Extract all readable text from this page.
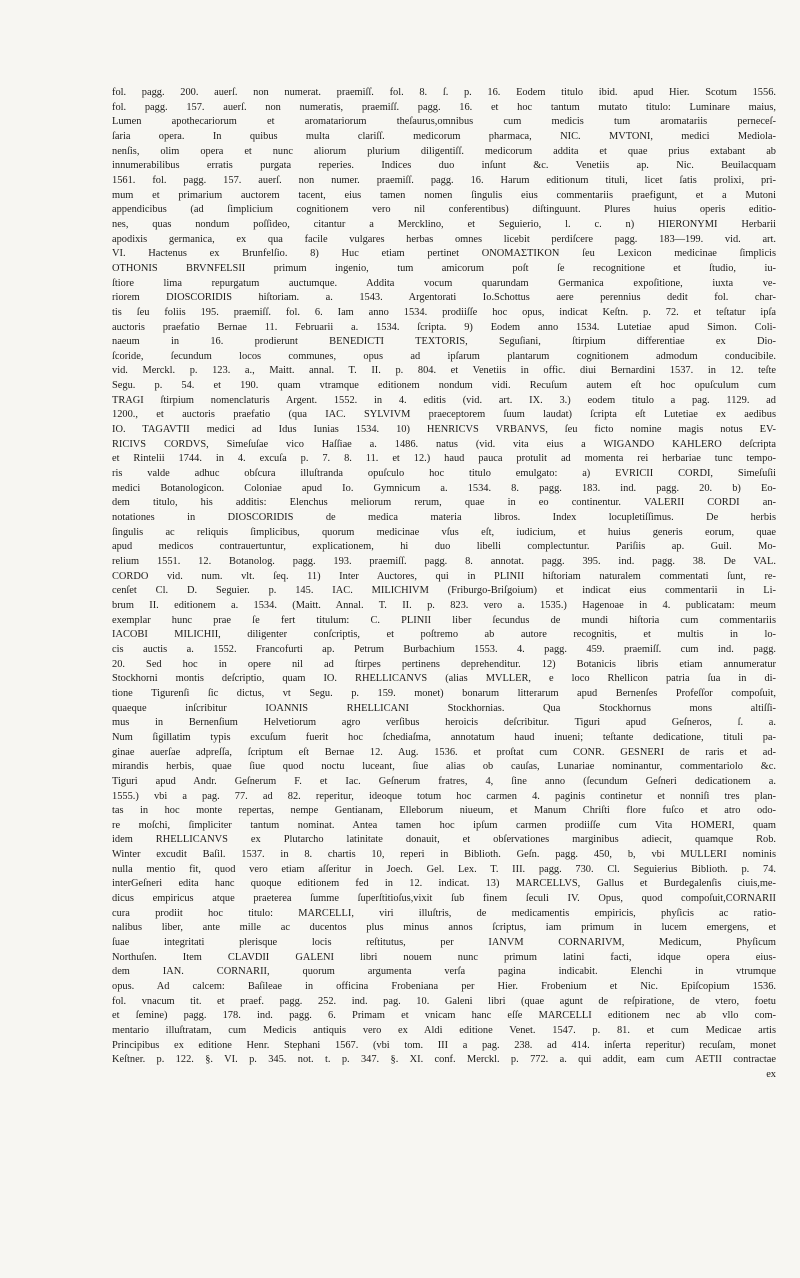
fol. pagg. 200. auerſ. non numerat. praemiſſ. fol. 8. ſ. p. 16. Eodem titulo ibid. apud Hier. Scotum 1556.
fol. pagg. 157. auerſ. non numeratis, praemiſſ. pagg. 16. et hoc tantum mutato titulo: Luminare maius,
Lumen apothecariorum et aromatariorum theſaurus,omnibus cum medicis tum aromatariis perneceſ-
ſaria opera. In quibus multa clariſſ. medicorum pharmaca, NIC. MVTONI, medici Mediola-
nenſis, olim opera et nunc aliorum plurium diligentiſſ. medicorum addita et quae prius extabant ab
innumerabilibus erratis purgata reperies. Indices duo inſunt &c. Venetiis ap. Nic. Beuilacquam
1561. fol. pagg. 157. auerſ. non numer. praemiſſ. pagg. 16. Harum editionum tituli, licet ſatis prolixi, pri-
mum et primarium auctorem tacent, eius tamen nomen ſingulis eius commentariis praefigunt, et a Mutoni
appendicibus (ad ſimplicium cognitionem vero nil conferentibus) diſtinguunt. Plures huius operis editio-
nes, quas nondum poſſideo, citantur a Mercklino, et Seguierio, l. c. n) HIERONYMI Herbarii
apodixis germanica, ex qua facile vulgares herbas omnes licebit perdiſcere pagg. 183—199. vid. art.
VI. Hactenus ex Brunfelſio. 8) Huc etiam pertinet ONOMAΣTIKON ſeu Lexicon medicinae ſimplicis
OTHONIS BRVNFELSII primum ingenio, tum amicorum poſt ſe recognitione et ſtudio, iu-
ſtiore lima repurgatum auctumque. Addita vocum quarundam Germanica expoſitione, iuxta ve-
riorem DIOSCORIDIS hiſtoriam. a. 1543. Argentorati Io.Schottus aere perennius dedit fol. char-
tis ſeu foliis 195. praemiſſ. fol. 6. Iam anno 1534. prodiiſſe hoc opus, indicat Keſtn. p. 72. et teſtatur ipſa
auctoris praefatio Bernae 11. Februarii a. 1534. ſcripta. 9) Eodem anno 1534. Lutetiae apud Simon. Coli-
naeum in 16. prodierunt BENEDICTI TEXTORIS, Seguſiani, ſtirpium differentiae ex Dio-
ſcoride, ſecundum locos communes, opus ad ipſarum plantarum cognitionem admodum conducibile.
vid. Merckl. p. 123. a., Maitt. annal. T. II. p. 804. et Venetiis in offic. diui Bernardini 1537. in 12. teſte
Segu. p. 54. et 190. quam vtramque editionem nondum vidi. Recuſum autem eſt hoc opuſculum cum
TRAGI ſtirpium nomenclaturis Argent. 1552. in 4. editis (vid. art. IX. 3.) eodem titulo a pag. 1129. ad
1200., et auctoris praefatio (qua IAC. SYLVIVM praeceptorem ſuum laudat) ſcripta eſt Lutetiae ex aedibus
IO. TAGAVTII medici ad Idus Iunias 1534. 10) HENRICVS VRBANVS, ſeu ficto nomine magis notus EV-
RICIVS CORDVS, Simeſuſae vico Haſſiae a. 1486. natus (vid. vita eius a WIGANDO KAHLERO deſcripta
et Rintelii 1744. in 4. excuſa p. 7. 8. 11. et 12.) haud pauca protulit ad momenta rei herbariae tunc tempo-
ris valde adhuc obſcura illuſtranda opuſculo hoc titulo emulgato: a) EVRICII CORDI, Simeſuſii
medici Botanologicon. Coloniae apud Io. Gymnicum a. 1534. 8. pagg. 183. ind. pagg. 20. b) Eo-
dem titulo, his additis: Elenchus meliorum rerum, quae in eo continentur. VALERII CORDI an-
notationes in DIOSCORIDIS de medica materia libros. Index locupletiſſimus. De herbis
ſingulis ac reliquis ſimplicibus, quorum medicinae vſus eſt, iudicium, et huius generis eorum, quae
apud medicos contrauertuntur, explicationem, hi duo libelli complectuntur. Pariſiis ap. Guil. Mo-
relium 1551. 12. Botanolog. pagg. 193. praemiſſ. pagg. 8. annotat. pagg. 395. ind. pagg. 38. De VAL.
CORDO vid. num. vlt. ſeq. 11) Inter Auctores, qui in PLINII hiſtoriam naturalem commentati ſunt, re-
cenſet Cl. D. Seguier. p. 145. IAC. MILICHIVM (Friburgo-Briſgoium) et indicat eius commentarii in Li-
brum II. editionem a. 1534. (Maitt. Annal. T. II. p. 823. vero a. 1535.) Hagenoae in 4. publicatam: meum
exemplar hunc prae ſe fert titulum: C. PLINII liber ſecundus de mundi hiſtoria cum commentariis
IACOBI MILICHII, diligenter conſcriptis, et poſtremo ab autore recognitis, et multis in lo-
cis auctis a. 1552. Francofurti ap. Petrum Burbachium 1553. 4. pagg. 459. praemiſſ. cum ind. pagg.
20. Sed hoc in opere nil ad ſtirpes pertinens deprehenditur. 12) Botanicis libris etiam annumeratur
Stockhorni montis deſcriptio, quam IO. RHELLICANVS (alias MVLLER, e loco Rhellicon patria ſua in di-
tione Tigurenſi ſic dictus, vt Segu. p. 159. monet) bonarum litterarum apud Bernenſes Profeſſor compoſuit,
quaeque inſcribitur IOANNIS RHELLICANI Stockhornias. Qua Stockhornus mons altiſſi-
mus in Bernenſium Helvetiorum agro verſibus heroicis deſcribitur. Tiguri apud Geſneros, ſ. a.
Num ſigillatim typis excuſum fuerit hoc ſchediaſma, annotatum haud inueni; teſtante dedicatione, tituli pa-
ginae auerſae adpreſſa, ſcriptum eſt Bernae 12. Aug. 1536. et proſtat cum CONR. GESNERI de raris et ad-
mirandis herbis, quae ſiue quod noctu luceant, ſiue alias ob cauſas, Lunariae nominantur, commentariolo &c.
Tiguri apud Andr. Geſnerum F. et Iac. Geſnerum fratres, 4, ſine anno (ſecundum Geſneri dedicationem a.
1555.) vbi a pag. 77. ad 82. reperitur, ideoque totum hoc carmen 4. paginis continetur et nonniſi tres plan-
tas in hoc monte repertas, nempe Gentianam, Elleborum niueum, et Manum Chriſti flore fuſco et atro odo-
re moſchi, ſimpliciter tantum nominat. Antea tamen hoc ipſum carmen prodiiſſe cum Vita HOMERI, quam
idem RHELLICANVS ex Plutarcho latinitate donauit, et obſervationes marginibus adiecit, quamque Rob.
Winter excudit Baſil. 1537. in 8. chartis 10, reperi in Biblioth. Geſn. pagg. 450, b, vbi MULLERI nominis
nulla mentio fit, quod vero etiam aſſeritur in Joech. Gel. Lex. T. III. pagg. 730. Cl. Seguierius Biblioth. p. 74.
interGeſneri edita hanc quoque editionem fed in 12. indicat. 13) MARCELLVS, Gallus et Burdegalenſis ciuis,me-
dicus empiricus atque praeterea ſumme ſuperſtitioſus,vixit ſub finem ſeculi IV. Opus, quod compoſuit,CORNARII
cura prodiit hoc titulo: MARCELLI, viri illuſtris, de medicamentis empiricis, phyſicis ac ratio-
nalibus liber, ante mille ac ducentos plus minus annos ſcriptus, iam primum in lucem emergens, et
ſuae integritati plerisque locis reſtitutus, per IANVM CORNARIVM, Medicum, Phyſicum
Northuſen. Item CLAVDII GALENI libri nouem nunc primum latini facti, idque opera eius-
dem IAN. CORNARII, quorum argumenta verſa pagina indicabit. Elenchi in vtrumque
opus. Ad calcem: Baſileae in officina Frobeniana per Hier. Frobenium et Nic. Epiſcopium 1536.
fol. vnacum tit. et praef. pagg. 252. ind. pag. 10. Galeni libri (quae agunt de reſpiratione, de vtero, foetu
et ſemine) pagg. 178. ind. pagg. 6. Primam et vnicam hanc eſſe MARCELLI editionem nec ab vllo com-
mentario illuſtratam, cum Medicis antiquis vero ex Aldi editione Venet. 1547. p. 81. et cum Medicae artis
Principibus ex editione Henr. Stephani 1567. (vbi tom. III a pag. 238. ad 414. inſerta reperitur) recuſam, monet
Keſtner. p. 122. §. VI. p. 345. not. t. p. 347. §. XI. conf. Merckl. p. 772. a. qui addit, eam cum AETII contractae
ex
